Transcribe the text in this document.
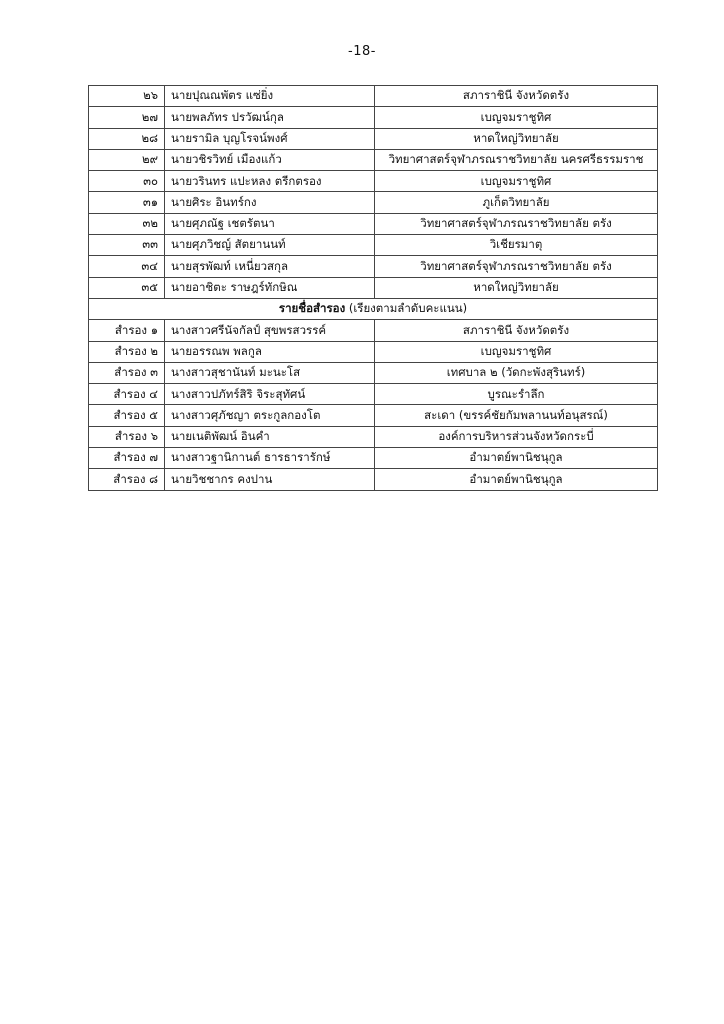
-18-
๒๖	นายปุณณพัตร แซ่ยิ่ง	สภาราชินี จังหวัดตรัง
๒๗	นายพลภัทร ปรวัฒน์กุล	เบญจมราชูทิศ
๒๘	นายรามิล บุญโรจน์พงศ์	หาดใหญ่วิทยาลัย
๒๙	นายวชิรวิทย์ เมืองแก้ว	วิทยาศาสตร์จุฬาภรณราชวิทยาลัย นครศรีธรรมราช
๓๐	นายวรินทร แปะหลง ตรีกตรอง	เบญจมราชูทิศ
๓๑	นายศิระ อินทร์กง	ภูเก็ตวิทยาลัย
๓๒	นายศุภณัฐ เชตรัตนา	วิทยาศาสตร์จุฬาภรณราชวิทยาลัย ตรัง
๓๓	นายศุภวิชญ์ สัตยานนท์	วิเชียรมาตุ
๓๔	นายสุรพัฒท์ เหนี่ยวสกุล	วิทยาศาสตร์จุฬาภรณราชวิทยาลัย ตรัง
๓๕	นายอาชิตะ ราษฎร์ทักษิณ	หาดใหญ่วิทยาลัย
รายชื่อสำรอง (เรียงตามลำดับคะแนน)		
สำรอง ๑	นางสาวศรีนัจกัลป์ สุขพรสวรรค์	สภาราชินี จังหวัดตรัง
สำรอง ๒	นายอรรณพ พลกูล	เบญจมราชูทิศ
สำรอง ๓	นางสาวสุชานันท์ มะนะโส	เทศบาล ๒ (วัดกะพังสุรินทร์)
สำรอง ๔	นางสาวปภัทร์สิริ จิระสุทัศน์	บูรณะรำลึก
สำรอง ๕	นางสาวศุภัชญา ตระกูลกองโต	สะเดา (ขรรค์ชัยกัมพลานนท์อนุสรณ์)
สำรอง ๖	นายเนติพัฒน์ อินคำ	องค์การบริหารส่วนจังหวัดกระบี่
สำรอง ๗	นางสาวฐานิกานต์ ธารธารารักษ์	อำมาตย์พานิชนุกูล
สำรอง ๘	นายวิชชากร คงปาน	อำมาตย์พานิชนุกูล
